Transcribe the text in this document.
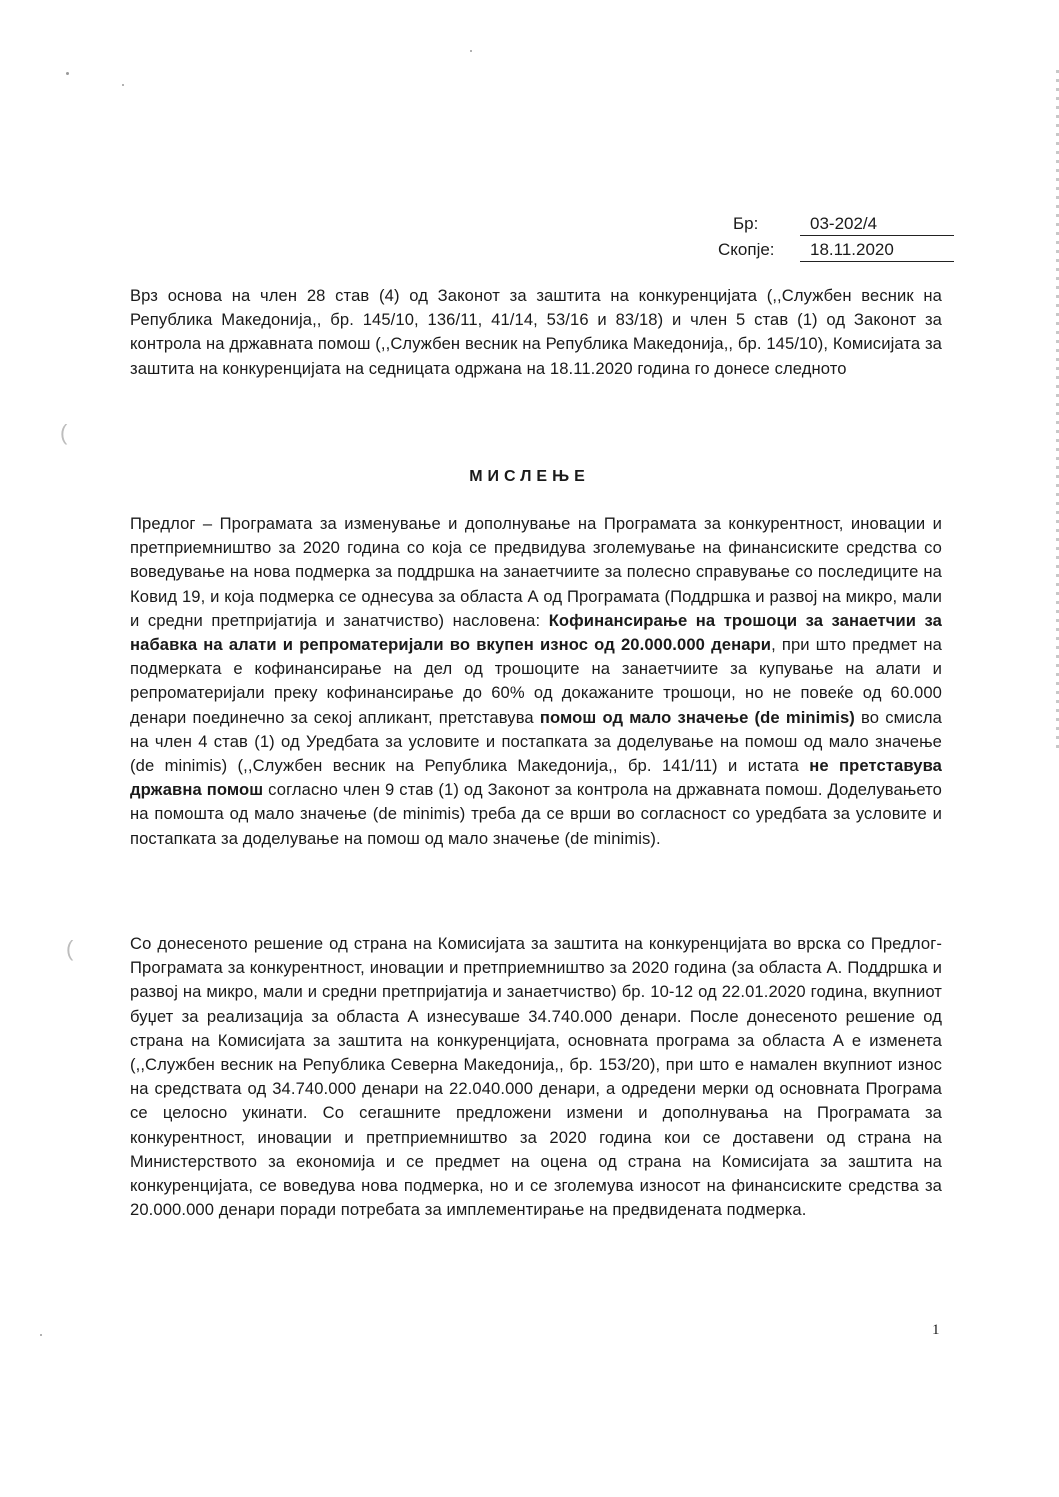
(
(
Бр:	03-202/4
Скопје: 18.11.2020

Врз основа на член 28 став (4) од Законот за заштита на конкуренцијата (,,Службен весник на Република Македонија,, бр. 145/10, 136/11, 41/14, 53/16 и 83/18) и член 5 став (1) од Законот за контрола на државната помош (,,Службен весник на Република Македонија,, бр. 145/10), Комисијата за заштита на конкуренцијата на седницата одржана на 18.11.2020 година го донесе следното

МИСЛЕЊЕ

Предлог – Програмата за изменување и дополнување на Програмата за конкурентност, иновации и претприемништво за 2020 година со која се предвидува зголемување на финансиските средства со воведување на нова подмерка за поддршка на занаетчиите за полесно справување со последиците на Ковид 19, и која подмерка се однесува за областа А од Програмата (Поддршка и развој на микро, мали и средни претпријатија и занатчиство) насловена: Кофинансирање на трошоци за занаетчии за набавка на алати и репроматеријали во вкупен износ од 20.000.000 денари, при што предмет на подмерката е кофинансирање на дел од трошоците на занаетчиите за купување на алати и репроматеријали преку кофинансирање до 60% од докажаните трошоци, но не повеќе од 60.000 денари поединечно за секој апликант, претставува помош од мало значење (de minimis) во смисла на член 4 став (1) од Уредбата за условите и постапката за доделување на помош од мало значење (de minimis) (,,Службен весник на Република Македонија,, бр. 141/11) и истата не претставува државна помош согласно член 9 став (1) од Законот за контрола на државната помош. Доделувањето на помошта од мало значење (de minimis) треба да се врши во согласност со уредбата за условите и постапката за доделување на помош од мало значење (de minimis).

Со донесеното решение од страна на Комисијата за заштита на конкуренцијата во врска со Предлог-Програмата за конкурентност, иновации и претприемништво за 2020 година (за областа А. Поддршка и развој на микро, мали и средни претпријатија и занаетчиство) бр. 10-12 од 22.01.2020 година, вкупниот буџет за реализација за областа А изнесуваше 34.740.000 денари. После донесеното решение од страна на Комисијата за заштита на конкуренцијата, основната програма за областа А е изменета (,,Службен весник на Република Северна Македонија,, бр. 153/20), при што е намален вкупниот износ на средствата од 34.740.000 денари на 22.040.000 денари, а одредени мерки од основната Програма се целосно укинати. Со сегашните предложени измени и дополнувања на Програмата за конкурентност, иновации и претприемништво за 2020 година кои се доставени од страна на Министерството за економија и се предмет на оцена од страна на Комисијата за заштита на конкуренцијата, се воведува нова подмерка, но и се зголемува износот на финансиските средства за 20.000.000 денари поради потребата за имплементирање на предвидената подмерка.

1
